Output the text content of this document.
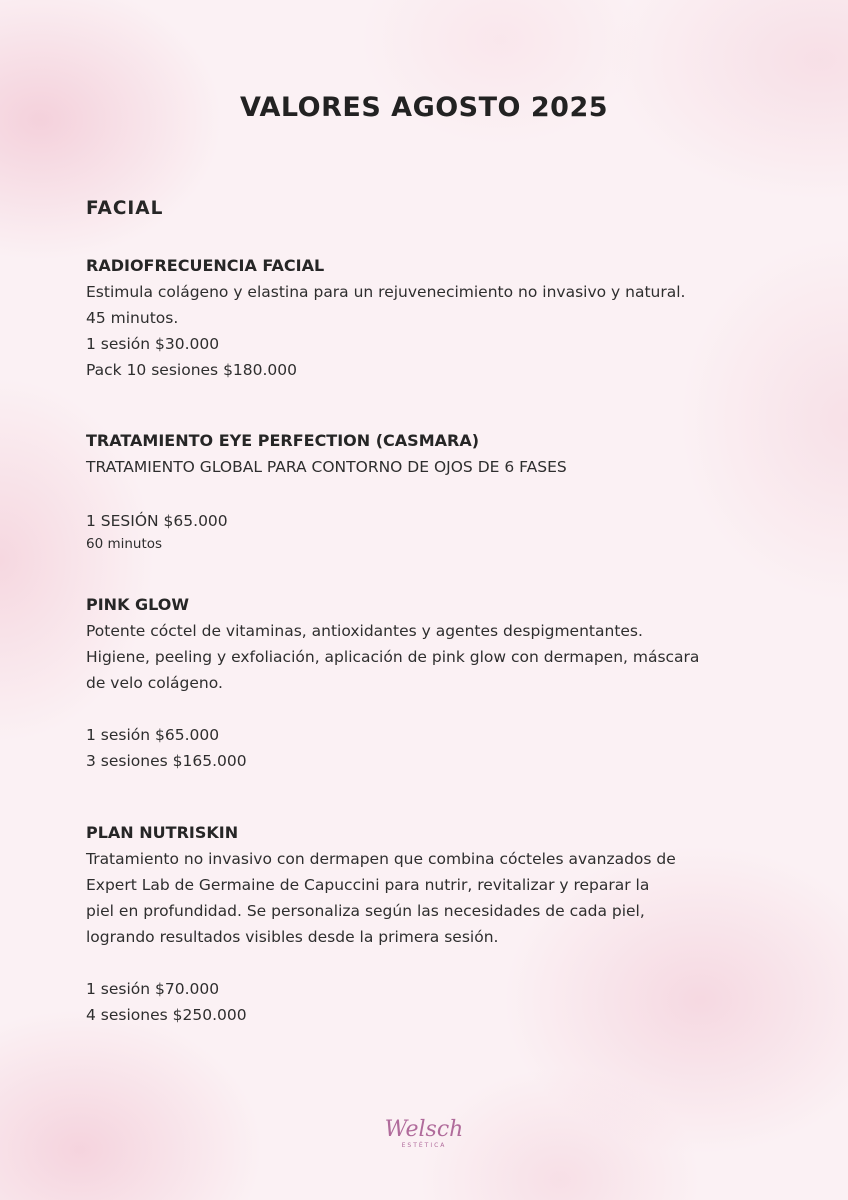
VALORES AGOSTO 2025
FACIAL
RADIOFRECUENCIA FACIAL
Estimula colágeno y elastina para un rejuvenecimiento no invasivo y natural.
45 minutos.
1 sesión $30.000
Pack 10 sesiones $180.000
TRATAMIENTO EYE PERFECTION (CASMARA)
TRATAMIENTO GLOBAL PARA CONTORNO DE OJOS DE 6 FASES
1 SESIÓN $65.000
60 minutos
PINK GLOW
Potente cóctel de vitaminas, antioxidantes y agentes despigmentantes.
Higiene, peeling y exfoliación, aplicación de pink glow con dermapen, máscara
de velo colágeno.
1 sesión $65.000
3 sesiones $165.000
PLAN NUTRISKIN
Tratamiento no invasivo con dermapen que combina cócteles avanzados de
Expert Lab de Germaine de Capuccini para nutrir, revitalizar y reparar la
piel en profundidad. Se personaliza según las necesidades de cada piel,
logrando resultados visibles desde la primera sesión.
1 sesión $70.000
4 sesiones $250.000
Welsch
ESTÉTICA
